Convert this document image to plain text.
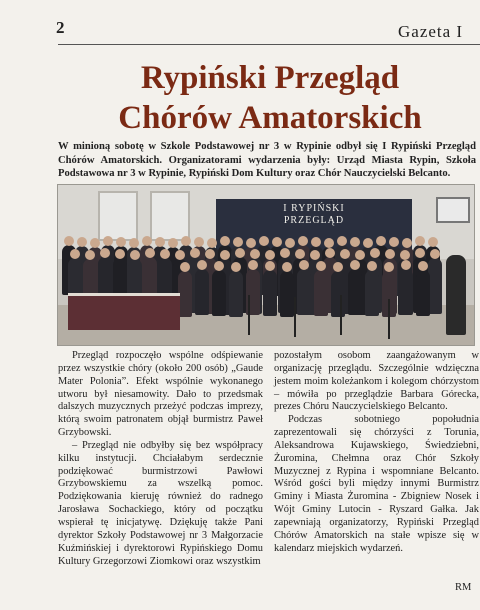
2	Gazeta I
Rypiński Przegląd
Chórów Amatorskich
W minioną sobotę w Szkole Podstawowej nr 3 w Rypinie odbył się I Rypiński Przegląd Chórów Amatorskich. Organizatorami wydarzenia były: Urząd Miasta Rypin, Szkoła Podstawowa nr 3 w Rypinie, Rypiński Dom Kultury oraz Chór Nauczycielski Belcanto.
I RYPIŃSKI
PRZEGLĄD

Przegląd rozpoczęło wspólne odśpiewanie przez wszystkie chóry (około 200 osób) „Gaude Mater Polonia”. Efekt wspólnie wykonanego utworu był niesamowity. Dało to przedsmak dalszych muzycznych przeżyć podczas imprezy, którą swoim patronatem objął burmistrz Paweł Grzybowski.

– Przegląd nie odbyłby się bez współpracy kilku instytucji. Chciałabym serdecznie podziękować burmistrzowi Pawłowi Grzybowskiemu za wszelką pomoc. Podziękowania kieruję również do radnego Jarosława Sochackiego, który od początku wspierał tę inicjatywę. Dziękuję także Pani dyrektor Szkoły Podstawowej nr 3 Małgorzacie Kuźmińskiej i dyrektorowi Rypińskiego Domu Kultury Grzegorzowi Ziomkowi oraz wszystkim

pozostałym osobom zaangażowanym w organizację przeglądu. Szczególnie wdzięczna jestem moim koleżankom i kolegom chórzystom – mówiła po przeglądzie Barbara Górecka, prezes Chóru Nauczycielskiego Belcanto.

Podczas sobotniego popołudnia zaprezentowali się chórzyści z Torunia, Aleksandrowa Kujawskiego, Świedziebni, Żuromina, Chełmna oraz Chór Szkoły Muzycznej z Rypina i wspomniane Belcanto. Wśród gości byli między innymi Burmistrz Gminy i Miasta Żuromina - Zbigniew Nosek i Wójt Gminy Lutocin - Ryszard Gałka. Jak zapewniają organizatorzy, Rypiński Przegląd Chórów Amatorskich na stałe wpisze się w kalendarz miejskich wydarzeń.

RM
